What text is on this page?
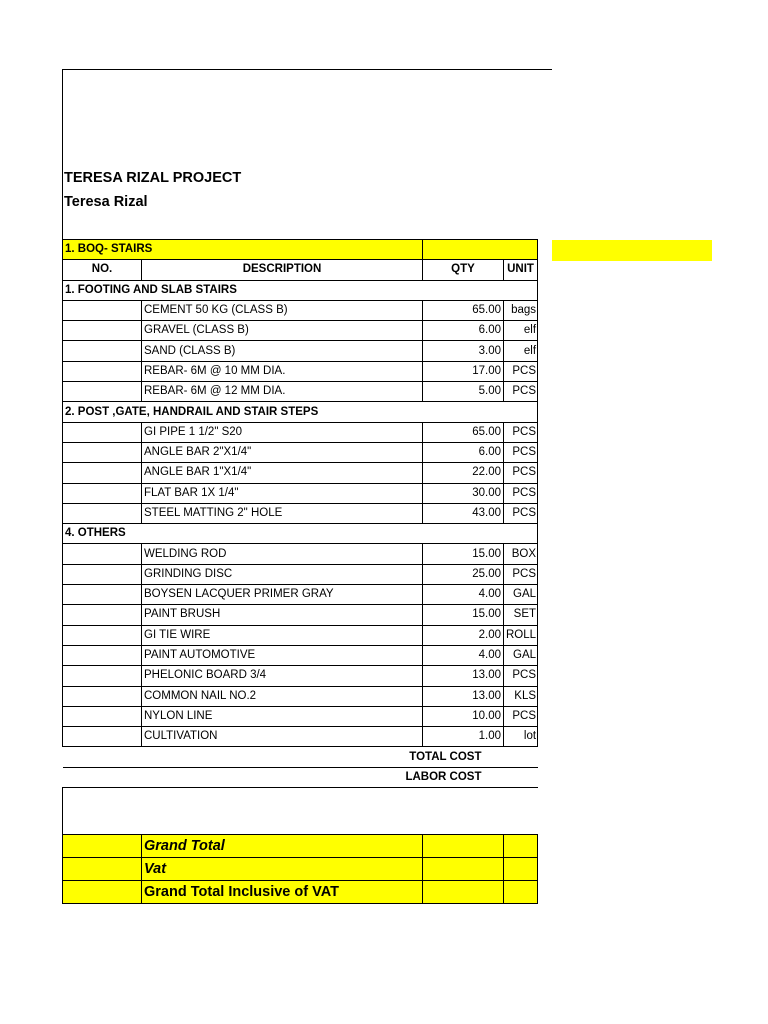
TERESA RIZAL PROJECT
Teresa Rizal
1. BOQ- STAIRS			
NO.	DESCRIPTION	QTY	UNIT
1. FOOTING AND SLAB STAIRS			
	CEMENT 50 KG (CLASS B)	65.00	bags
	GRAVEL (CLASS B)	6.00	elf
	SAND (CLASS B)	3.00	elf
	REBAR- 6M @ 10 MM DIA.	17.00	PCS
	REBAR- 6M @ 12 MM DIA.	5.00	PCS
2. POST ,GATE, HANDRAIL AND STAIR STEPS			
	GI PIPE 1 1/2" S20	65.00	PCS
	ANGLE BAR 2"X1/4"	6.00	PCS
	ANGLE BAR 1"X1/4"	22.00	PCS
	FLAT BAR 1X 1/4"	30.00	PCS
	STEEL MATTING 2" HOLE	43.00	PCS
4. OTHERS			
	WELDING ROD	15.00	BOX
	GRINDING DISC	25.00	PCS
	BOYSEN LACQUER PRIMER GRAY	4.00	GAL
	PAINT BRUSH	15.00	SET
	GI TIE WIRE	2.00	ROLL
	PAINT AUTOMOTIVE	4.00	GAL
	PHELONIC BOARD 3/4	13.00	PCS
	COMMON NAIL NO.2	13.00	KLS
	NYLON LINE	10.00	PCS
	CULTIVATION	1.00	lot
TOTAL COST			
LABOR COST			

	Grand Total		
	Vat		
	Grand Total Inclusive of VAT		
